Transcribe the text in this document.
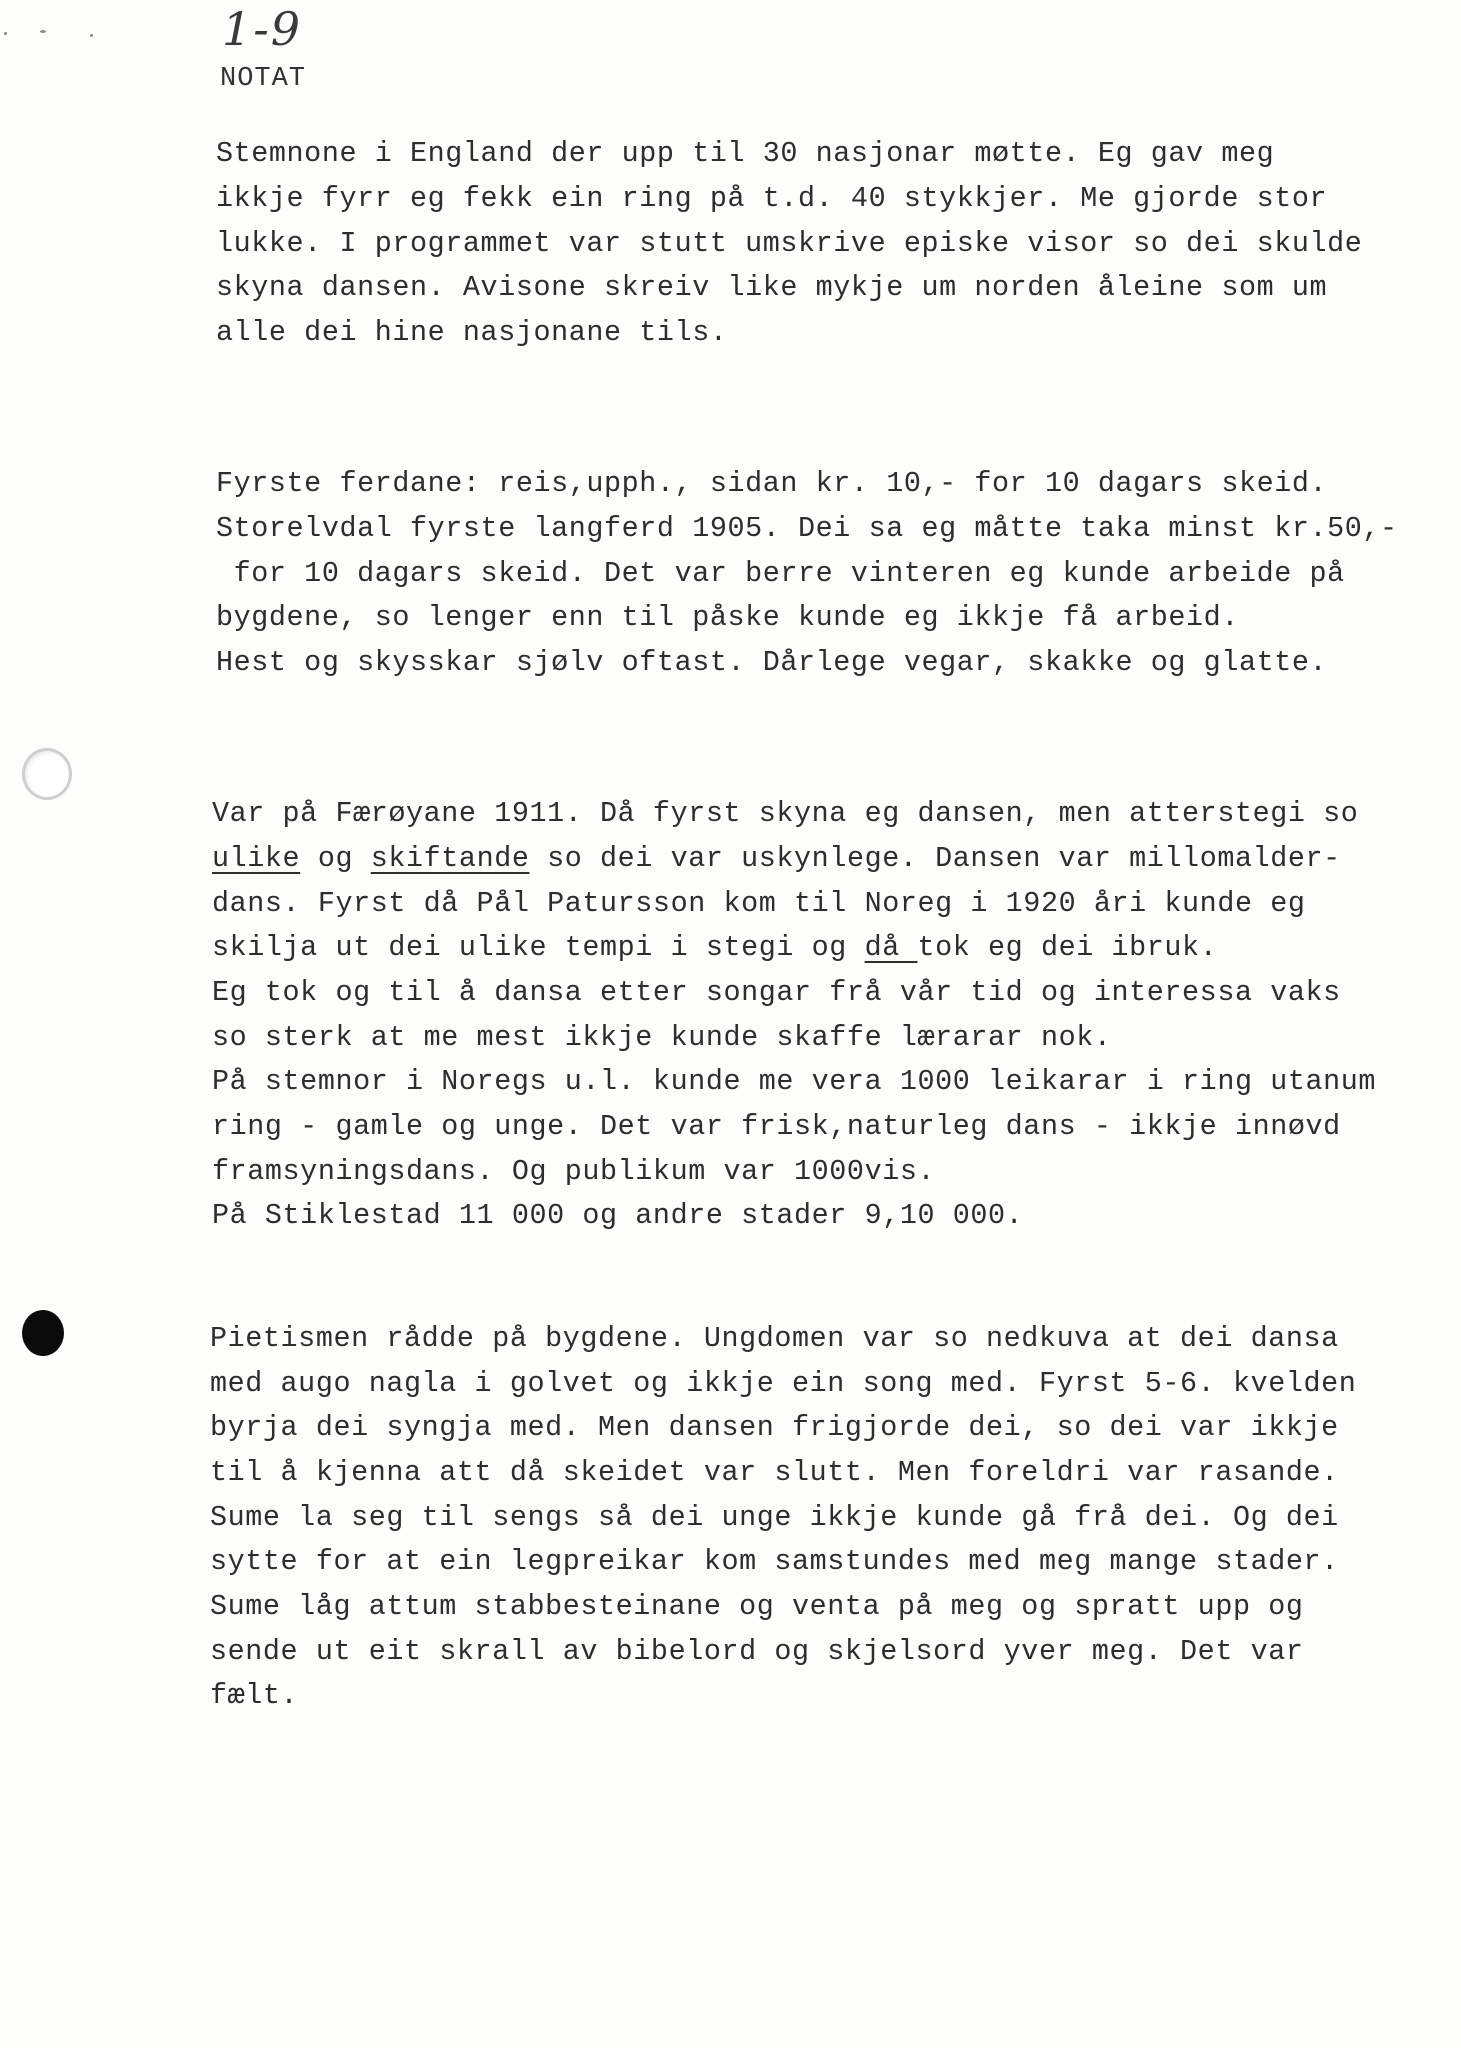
1-9
NOTAT
Stemnone i England der upp til 30 nasjonar møtte. Eg gav meg
ikkje fyrr eg fekk ein ring på t.d. 40 stykkjer. Me gjorde stor
lukke. I programmet var stutt umskrive episke visor so dei skulde
skyna dansen. Avisone skreiv like mykje um norden åleine som um
alle dei hine nasjonane tils.
Fyrste ferdane: reis,upph., sidan kr. 10,- for 10 dagars skeid.
Storelvdal fyrste langferd 1905. Dei sa eg måtte taka minst kr.50,-
for 10 dagars skeid. Det var berre vinteren eg kunde arbeide på
bygdene, so lenger enn til påske kunde eg ikkje få arbeid.
Hest og skysskar sjølv oftast. Dårlege vegar, skakke og glatte.
Var på Færøyane 1911. Då fyrst skyna eg dansen, men atterstegi so
ulike og skiftande so dei var uskynlege. Dansen var millomalder-
dans. Fyrst då Pål Patursson kom til Noreg i 1920 åri kunde eg
skilja ut dei ulike tempi i stegi og då tok eg dei ibruk.
Eg tok og til å dansa etter songar frå vår tid og interessa vaks
so sterk at me mest ikkje kunde skaffe lærarar nok.
På stemnor i Noregs u.l. kunde me vera 1000 leikarar i ring utanum
ring - gamle og unge. Det var frisk,naturleg dans - ikkje innøvd
framsyningsdans. Og publikum var 1000vis.
På Stiklestad 11 000 og andre stader 9,10 000.
Pietismen rådde på bygdene. Ungdomen var so nedkuva at dei dansa
med augo nagla i golvet og ikkje ein song med. Fyrst 5-6. kvelden
byrja dei syngja med. Men dansen frigjorde dei, so dei var ikkje
til å kjenna att då skeidet var slutt. Men foreldri var rasande.
Sume la seg til sengs så dei unge ikkje kunde gå frå dei. Og dei
sytte for at ein legpreikar kom samstundes med meg mange stader.
Sume låg attum stabbesteinane og venta på meg og spratt upp og
sende ut eit skrall av bibelord og skjelsord yver meg. Det var
fælt.
